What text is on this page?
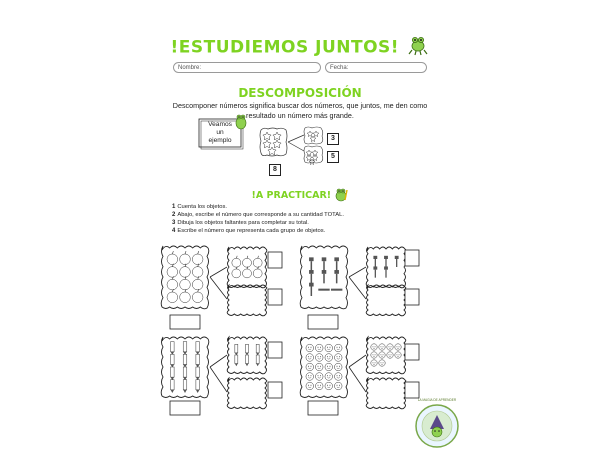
!ESTUDIEMOS JUNTOS!
Nombre:	Fecha:
DESCOMPOSICIÓN
Descomponer números significa buscar dos números, que juntos, me den como
resultado un número más grande.
Veamos
un
ejemplo	3
5
8
!A PRACTICAR!
1 Cuenta los objetos.
2 Abajo, escribe el número que corresponde a su cantidad TOTAL.
3 Dibuja los objetos faltantes para completar su total.
4 Escribe el número que representa cada grupo de objetos.
LA MAGIA DE APRENDER
